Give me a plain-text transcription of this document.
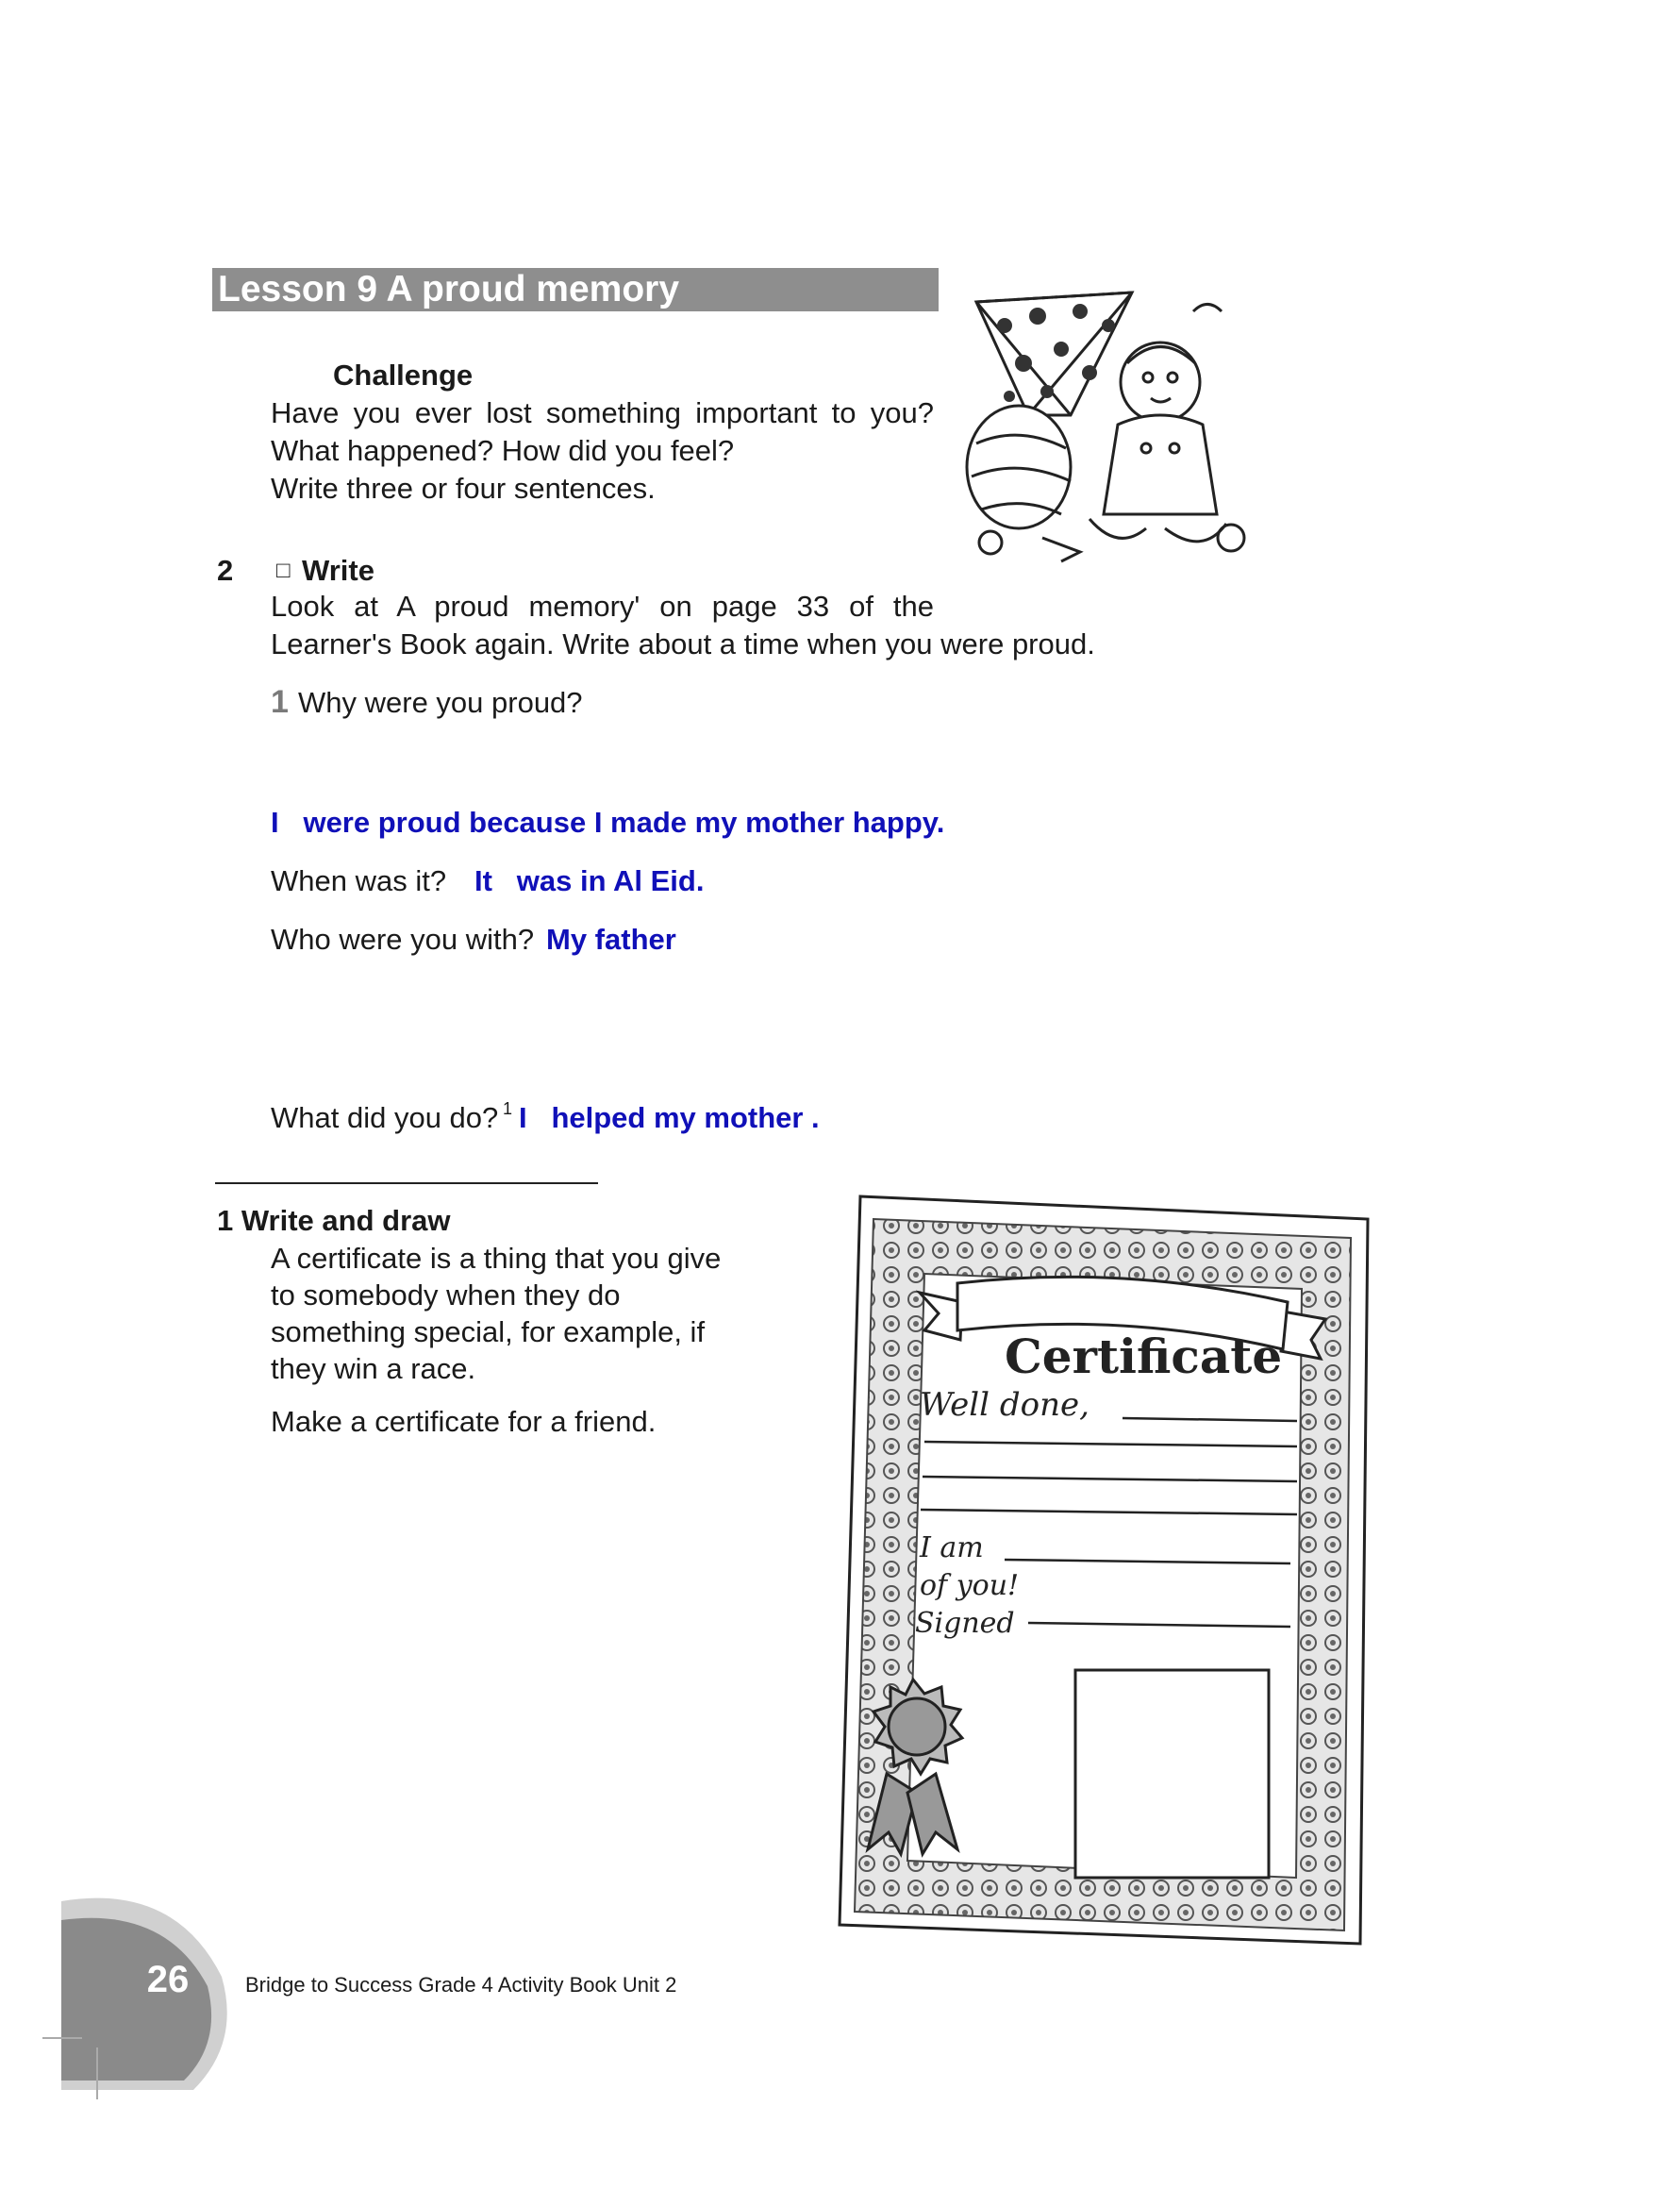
Lesson 9 A proud memory
Challenge
Have you ever lost something important to you?
What happened? How did you feel?
Write three or four sentences.
2 □ Write
Look at A proud memory' on page 33 of the
Learner's Book again. Write about a time when you were proud.
1 Why were you proud?
I   were proud because I made my mother happy.
When was it? It   was in Al Eid.
Who were you with? My father
What did you do? 1 I   helped my mother .
1 Write and draw
A certificate is a thing that you give
to somebody when they do
something special, for example, if
they win a race.
Make a certificate for a friend.
Certificate
Well done,
I am
of you!
Signed
26	Bridge to Success Grade 4 Activity Book Unit 2
